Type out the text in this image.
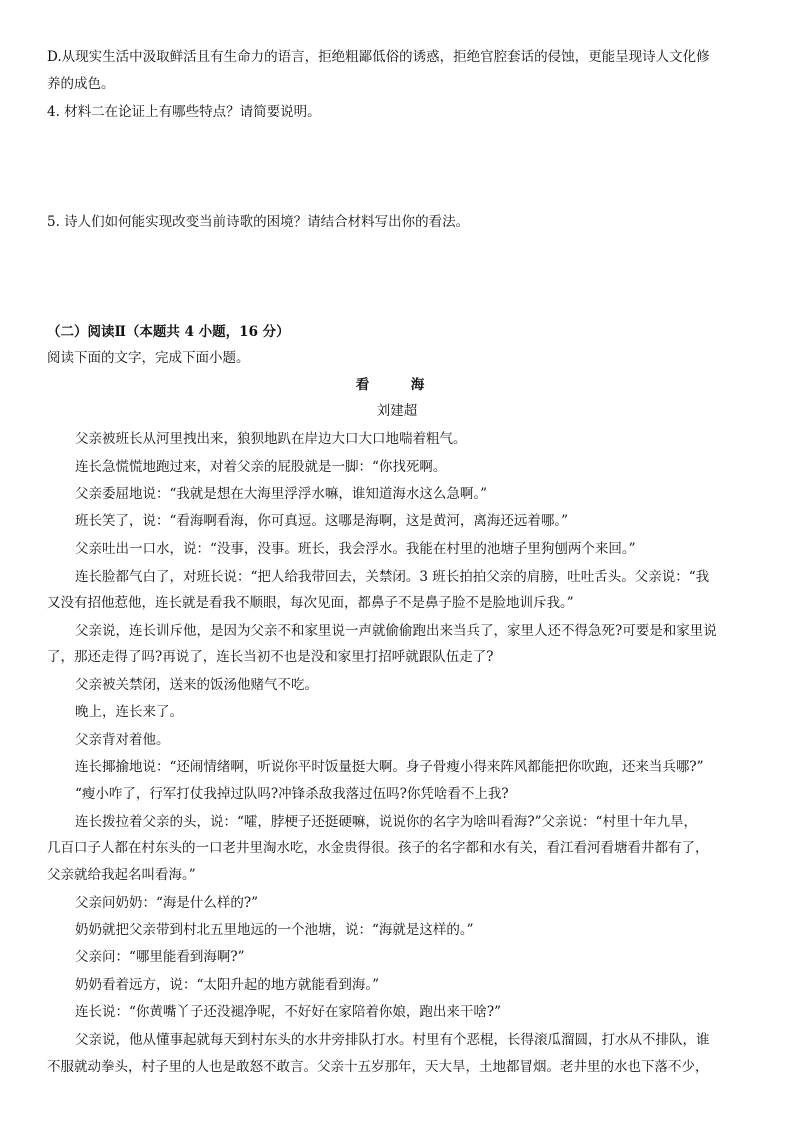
D.从现实生活中汲取鲜活且有生命力的语言，拒绝粗鄙低俗的诱惑，拒绝官腔套话的侵蚀，更能呈现诗人文化修
养的成色。
4. 材料二在论证上有哪些特点？请简要说明。
5. 诗人们如何能实现改变当前诗歌的困境？请结合材料写出你的看法。
（二）阅读Ⅱ（本题共 4 小题，16 分）
阅读下面的文字，完成下面小题。
看　海
刘建超
父亲被班长从河里拽出来，狼狈地趴在岸边大口大口地喘着粗气。
连长急慌慌地跑过来，对着父亲的屁股就是一脚：“你找死啊。
父亲委屈地说：“我就是想在大海里浮浮水嘛，谁知道海水这么急啊。”
班长笑了，说：“看海啊看海，你可真逗。这哪是海啊，这是黄河，离海还远着哪。”
父亲吐出一口水，说：“没事，没事。班长，我会浮水。我能在村里的池塘子里狗刨两个来回。”
连长脸都气白了，对班长说：“把人给我带回去，关禁闭。3 班长拍拍父亲的肩膀，吐吐舌头。父亲说：“我
又没有招他惹他，连长就是看我不顺眼，每次见面，都鼻子不是鼻子脸不是脸地训斥我。”
父亲说，连长训斥他，是因为父亲不和家里说一声就偷偷跑出来当兵了，家里人还不得急死?可要是和家里说
了，那还走得了吗?再说了，连长当初不也是没和家里打招呼就跟队伍走了?
父亲被关禁闭，送来的饭汤他赌气不吃。
晚上，连长来了。
父亲背对着他。
连长揶揄地说：“还闹情绪啊，听说你平时饭量挺大啊。身子骨瘦小得来阵风都能把你吹跑，还来当兵哪?”
“瘦小咋了，行军打仗我掉过队吗?冲锋杀敌我落过伍吗?你凭啥看不上我?
连长拨拉着父亲的头，说：“嚯，脖梗子还挺硬嘛，说说你的名字为啥叫看海?”父亲说：“村里十年九旱，
几百口子人都在村东头的一口老井里淘水吃，水金贵得很。孩子的名字都和水有关，看江看河看塘看井都有了，
父亲就给我起名叫看海。”
父亲问奶奶：“海是什么样的?”
奶奶就把父亲带到村北五里地远的一个池塘，说：“海就是这样的。”
父亲问：“哪里能看到海啊?”
奶奶看着远方，说：“太阳升起的地方就能看到海。”
连长说：“你黄嘴丫子还没褪净呢，不好好在家陪着你娘，跑出来干啥?”
父亲说，他从懂事起就每天到村东头的水井旁排队打水。村里有个恶棍，长得滚瓜溜圆，打水从不排队，谁
不服就动拳头，村子里的人也是敢怒不敢言。父亲十五岁那年，天大旱，土地都冒烟。老井里的水也下落不少，
